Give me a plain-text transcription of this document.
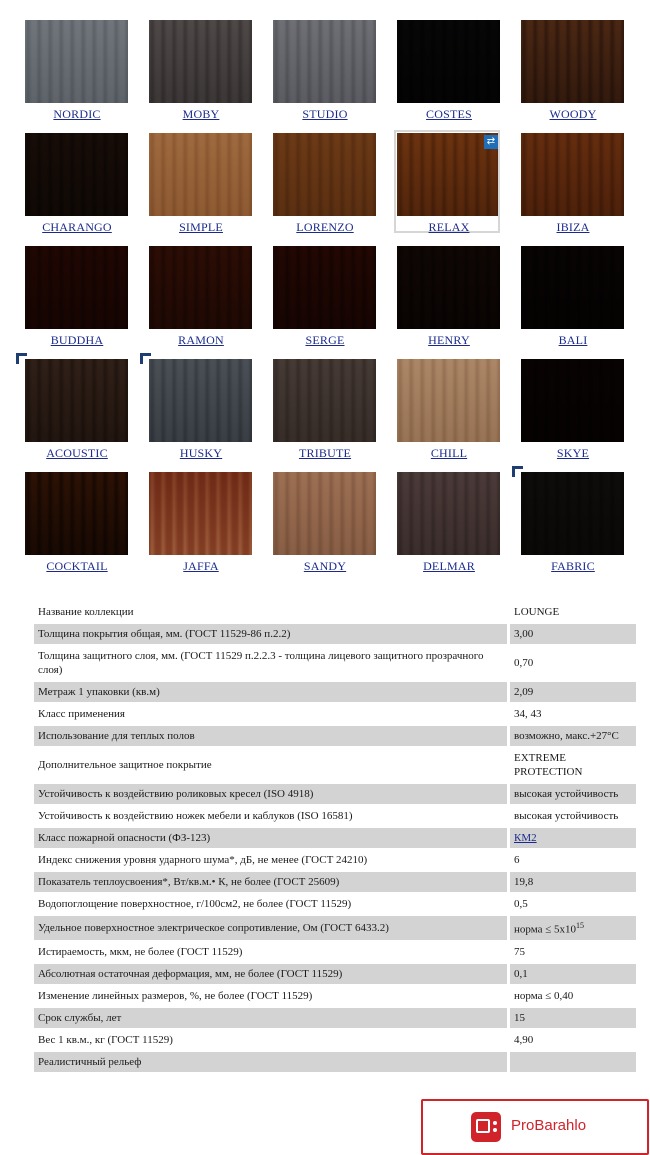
NORDIC	MOBY	STUDIO	COSTES	WOODY
CHARANGO	SIMPLE	LORENZO
⇄
RELAX	IBIZA
BUDDHA	RAMON	SERGE	HENRY	BALI
ACOUSTIC	HUSKY	TRIBUTE	CHILL	SKYE
COCKTAIL	JAFFA	SANDY	DELMAR	FABRIC
Название коллекции	LOUNGE
Толщина покрытия общая, мм. (ГОСТ 11529-86 п.2.2)	3,00
Толщина защитного слоя, мм. (ГОСТ 11529 п.2.2.3 - толщина лицевого защитного прозрачного слоя)	0,70
Метраж 1 упаковки (кв.м)	2,09
Класс применения	34, 43
Использование для теплых полов	возможно, макс.+27°C
Дополнительное защитное покрытие	EXTREME PROTECTION
Устойчивость к воздействию роликовых кресел (ISO 4918)	высокая устойчивость
Устойчивость к воздействию ножек мебели и каблуков (ISO 16581)	высокая устойчивость
Класс пожарной опасности (ФЗ-123)	КМ2
Индекс снижения уровня ударного шума*, дБ, не менее (ГОСТ 24210)	6
Показатель теплоусвоения*, Вт/кв.м.• К, не более (ГОСТ 25609)	19,8
Водопоглощение поверхностное, г/100см2, не более (ГОСТ 11529)	0,5
Удельное поверхностное электрическое сопротивление, Ом (ГОСТ 6433.2)	норма ≤ $5x10^{15}$
Истираемость, мкм, не более (ГОСТ 11529)	75
Абсолютная остаточная деформация, мм, не более (ГОСТ 11529)	0,1
Изменение линейных размеров, %, не более (ГОСТ 11529)	норма ≤ 0,40
Срок службы, лет	15
Вес 1 кв.м., кг (ГОСТ 11529)	4,90
Реалистичный рельеф	
ProBarahlo
